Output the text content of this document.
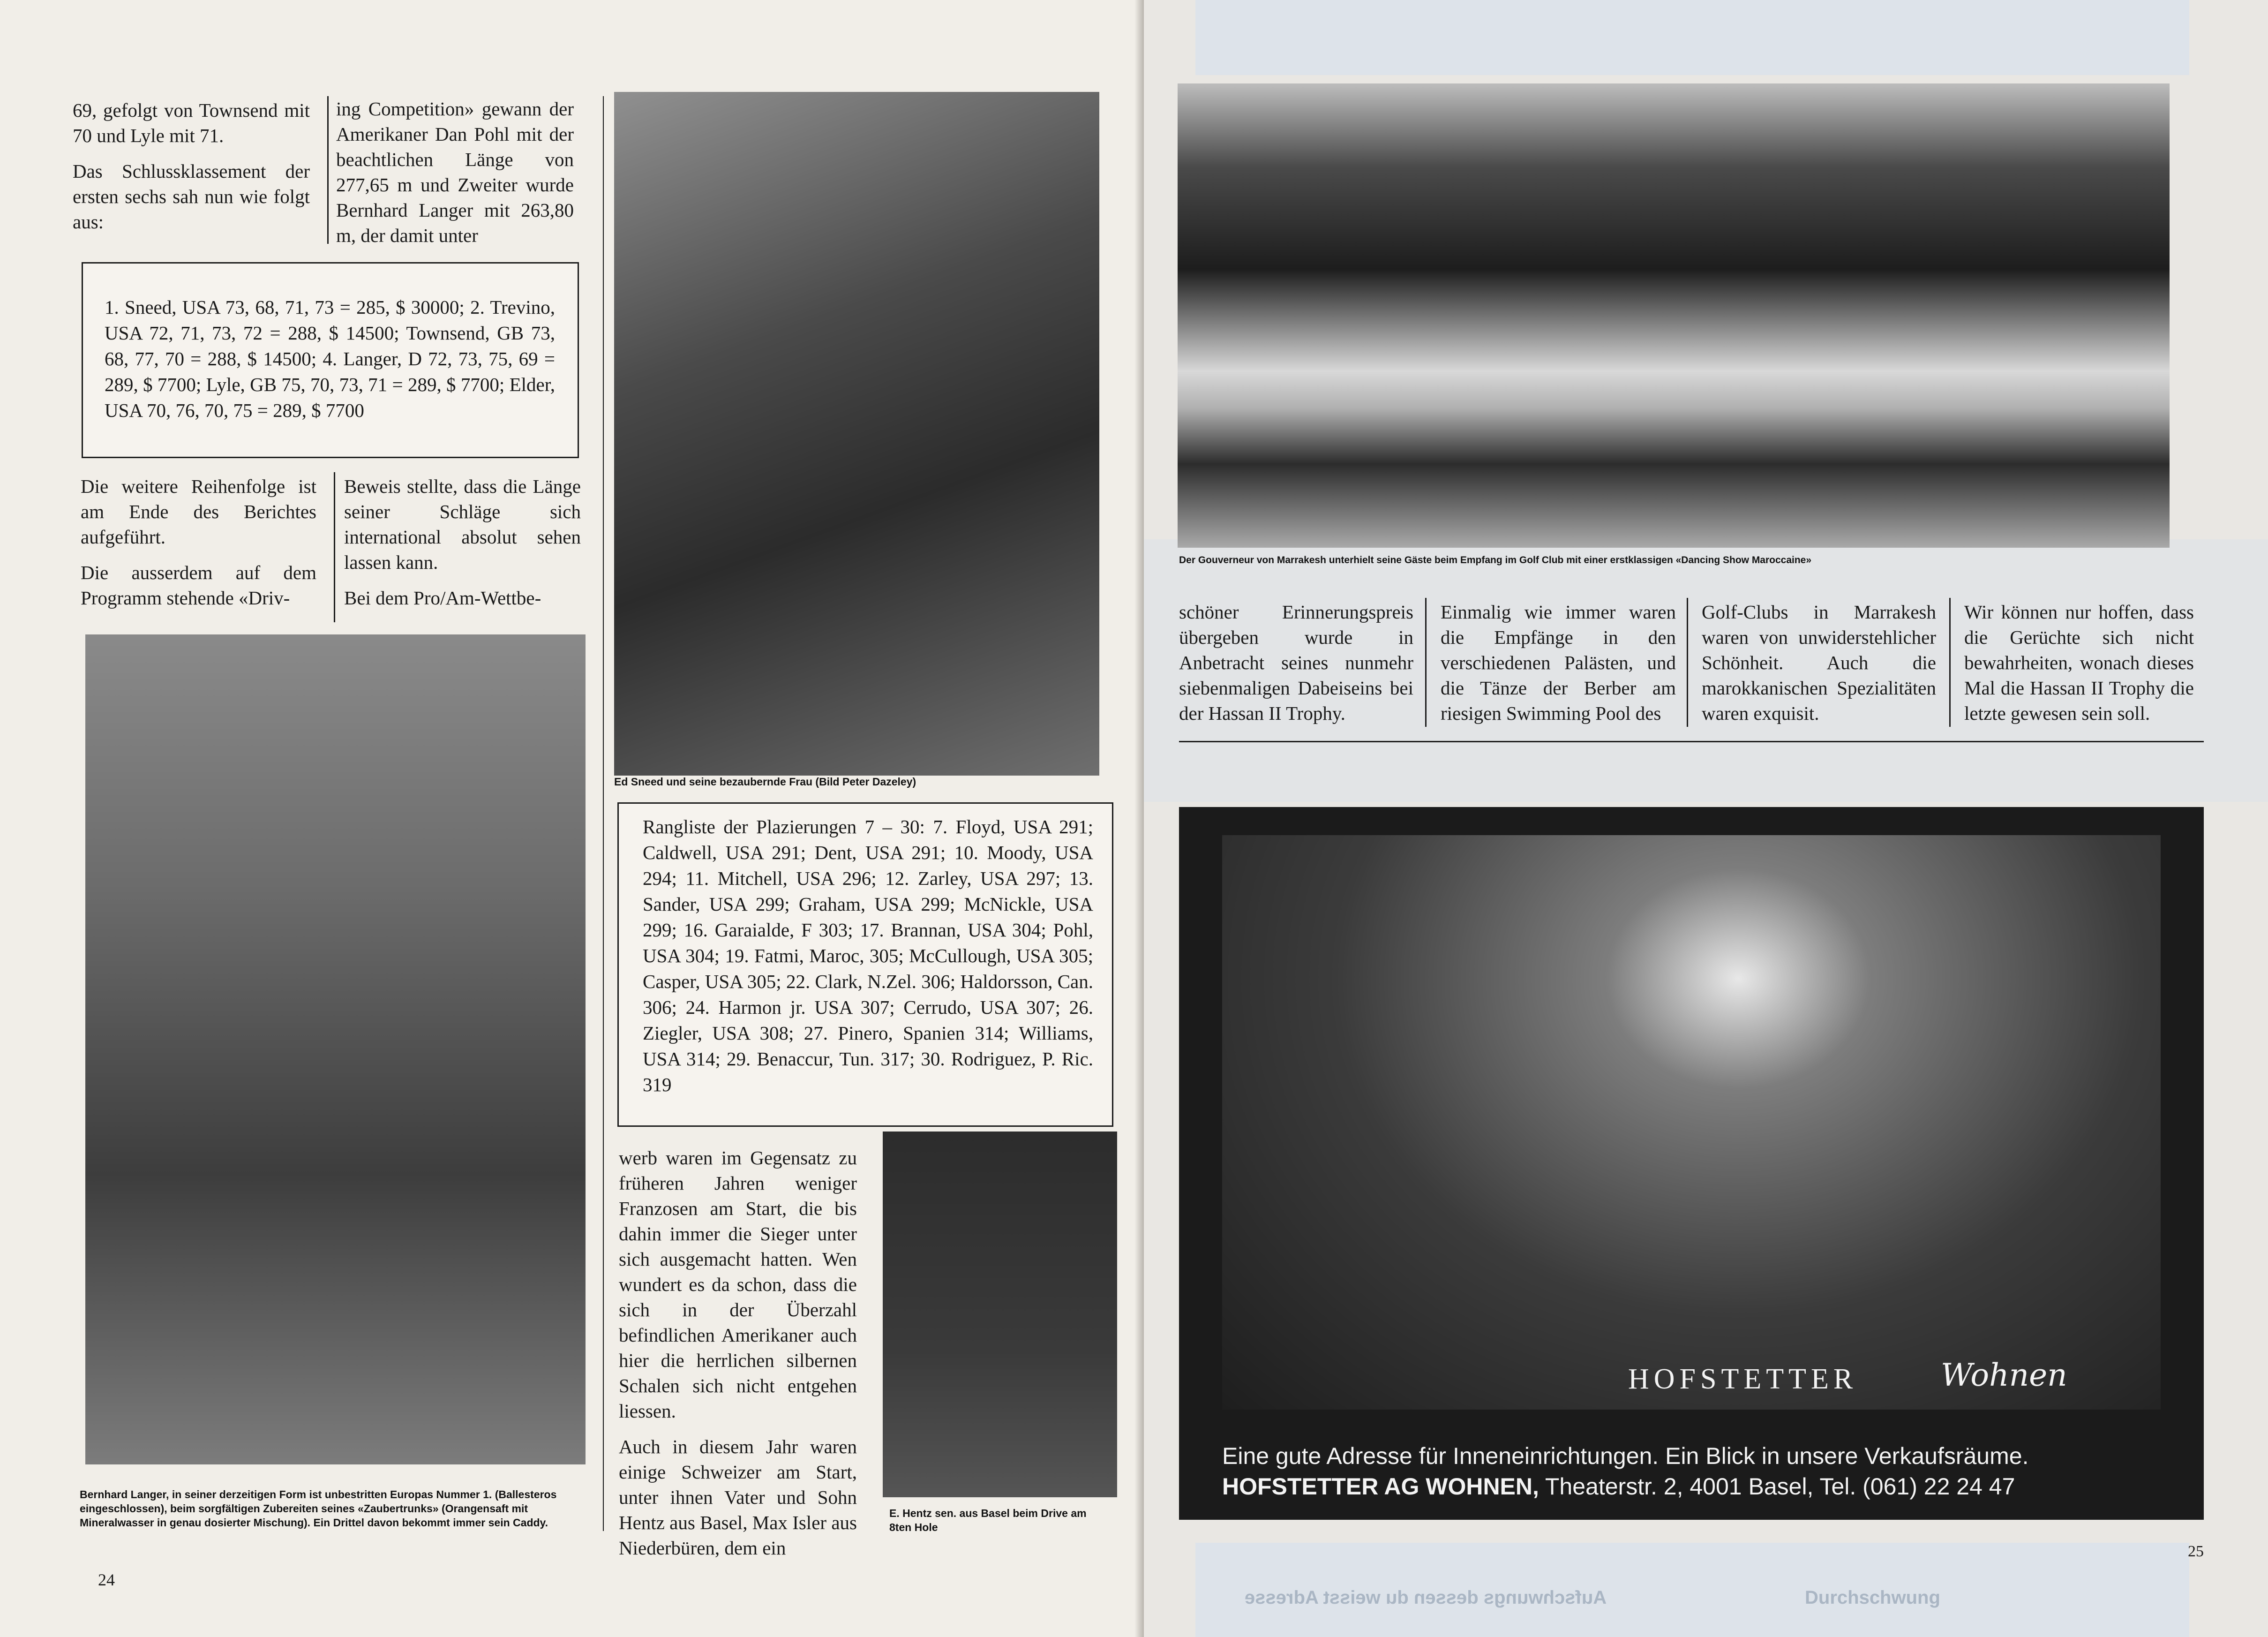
69, gefolgt von Townsend mit 70 und Lyle mit 71.

Das Schlussklassement der ersten sechs sah nun wie folgt aus:

ing Competition» gewann der Amerikaner Dan Pohl mit der beachtlichen Länge von 277,65 m und Zweiter wurde Bernhard Langer mit 263,80 m, der damit unter

1. Sneed, USA 73, 68, 71, 73 = 285, $ 30000; 2. Trevino, USA 72, 71, 73, 72 = 288, $ 14500; Townsend, GB 73, 68, 77, 70 = 288, $ 14500; 4. Langer, D 72, 73, 75, 69 = 289, $ 7700; Lyle, GB 75, 70, 73, 71 = 289, $ 7700; Elder, USA 70, 76, 70, 75 = 289, $ 7700

Die weitere Reihenfolge ist am Ende des Berichtes aufgeführt.

Die ausserdem auf dem Programm stehende «Driv-

Beweis stellte, dass die Länge seiner Schläge sich international absolut sehen lassen kann.

Bei dem Pro/Am-Wettbe-

Bernhard Langer, in seiner derzeitigen Form ist unbestritten Europas Nummer 1. (Ballesteros eingeschlossen), beim sorgfältigen Zubereiten seines «Zaubertrunks» (Orangensaft mit Mineralwasser in genau dosierter Mischung). Ein Drittel davon bekommt immer sein Caddy.
Ed Sneed und seine bezaubernde Frau (Bild Peter Dazeley)
Rangliste der Plazierungen 7 – 30: 7. Floyd, USA 291; Caldwell, USA 291; Dent, USA 291; 10. Moody, USA 294; 11. Mitchell, USA 296; 12. Zarley, USA 297; 13. Sander, USA 299; Graham, USA 299; McNickle, USA 299; 16. Garaialde, F 303; 17. Brannan, USA 304; Pohl, USA 304; 19. Fatmi, Maroc, 305; McCullough, USA 305; Casper, USA 305; 22. Clark, N.Zel. 306; Haldorsson, Can. 306; 24. Harmon jr. USA 307; Cerrudo, USA 307; 26. Ziegler, USA 308; 27. Pinero, Spanien 314; Williams, USA 314; 29. Benaccur, Tun. 317; 30. Rodriguez, P. Ric. 319

werb waren im Gegensatz zu früheren Jahren weniger Franzosen am Start, die bis dahin immer die Sieger unter sich ausgemacht hatten. Wen wundert es da schon, dass die sich in der Überzahl befindlichen Amerikaner auch hier die herrlichen silbernen Schalen sich nicht entgehen liessen.

Auch in diesem Jahr waren einige Schweizer am Start, unter ihnen Vater und Sohn Hentz aus Basel, Max Isler aus Niederbüren, dem ein

E. Hentz sen. aus Basel beim Drive am 8ten Hole
24
Der Gouverneur von Marrakesh unterhielt seine Gäste beim Empfang im Golf Club mit einer erstklassigen «Dancing Show Maroccaine»

schöner Erinnerungspreis übergeben wurde in Anbetracht seines nunmehr siebenmaligen Dabeiseins bei der Hassan II Trophy.

Einmalig wie immer waren die Empfänge in den verschiedenen Palästen, und die Tänze der Berber am riesigen Swimming Pool des

Golf-Clubs in Marrakesh waren von unwiderstehlicher Schönheit. Auch die marokkanischen Spezialitäten waren exquisit.

Wir können nur hoffen, dass die Gerüchte sich nicht bewahrheiten, wonach dieses Mal die Hassan II Trophy die letzte gewesen sein soll.

HOFSTETTER	Wohnen
Eine gute Adresse für Inneneinrichtungen. Ein Blick in unsere Verkaufsräume.
HOFSTETTER AG WOHNEN, Theaterstr. 2, 4001 Basel, Tel. (061) 22 24 47
25
Aufschwungs dessen du weisst Adresse	Durchschwung
